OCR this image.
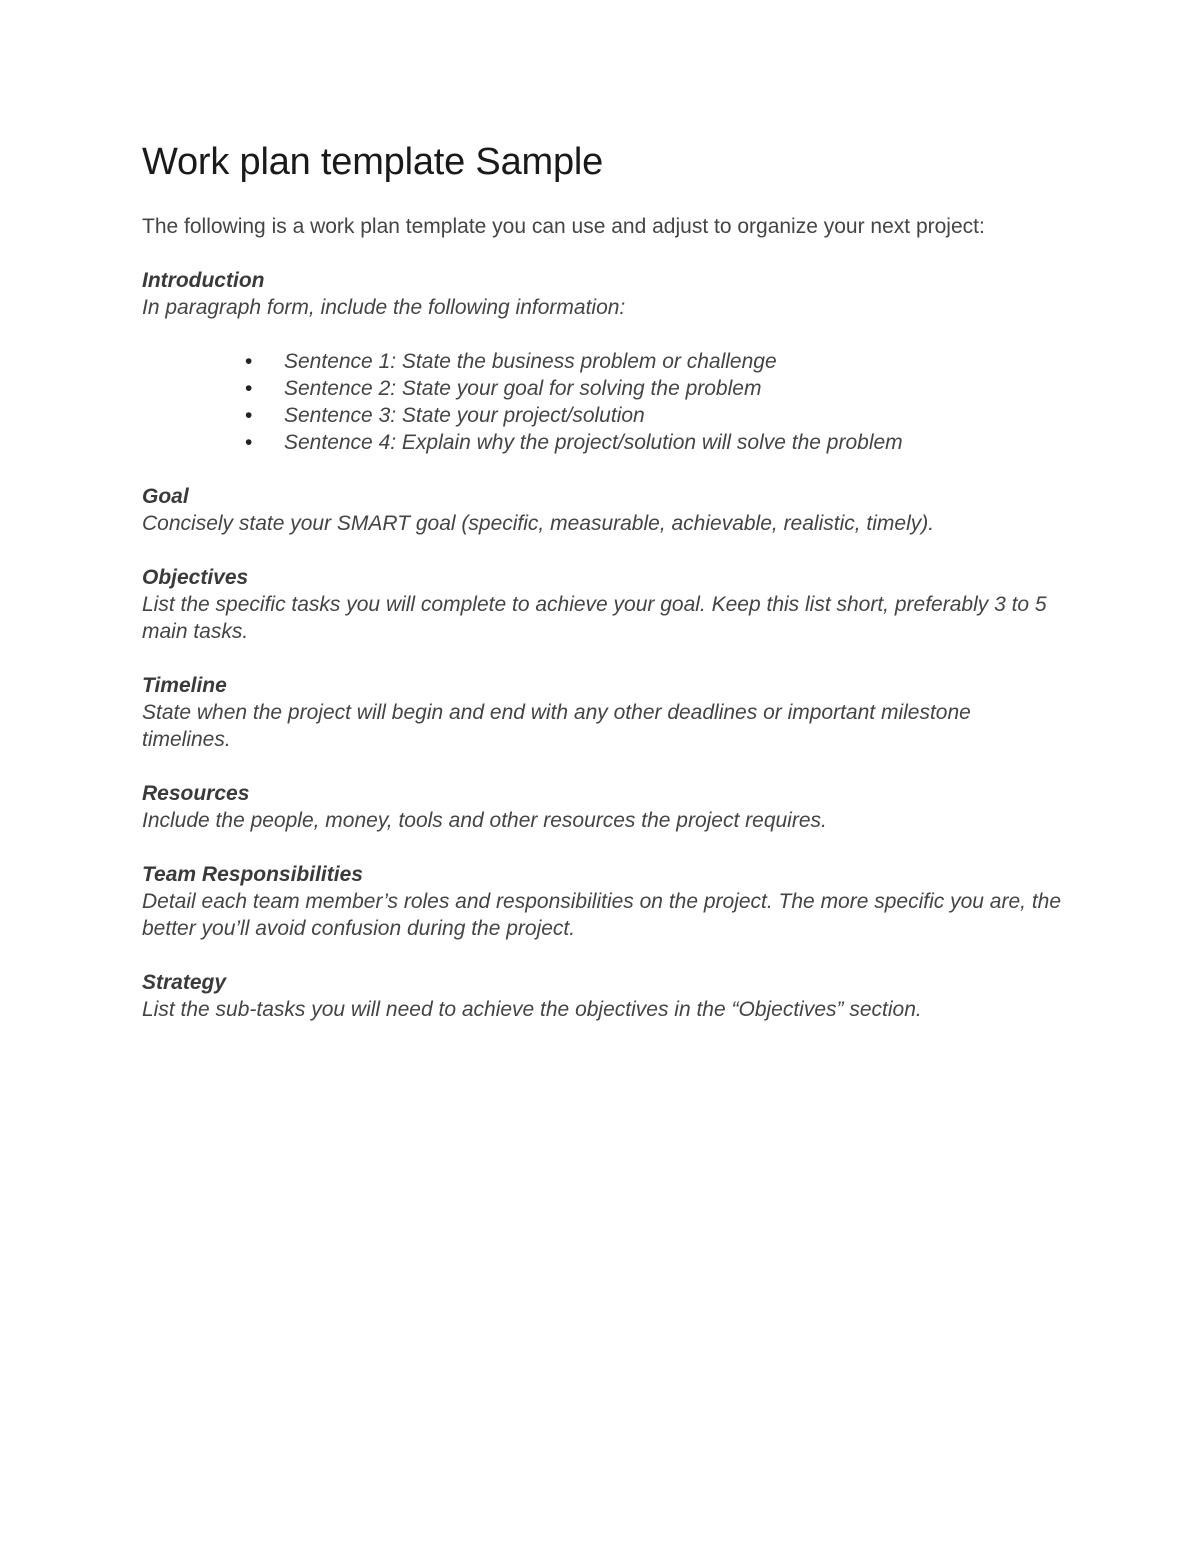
Work plan template Sample

The following is a work plan template you can use and adjust to organize your next project:

Introduction

In paragraph form, include the following information:

• Sentence 1: State the business problem or challenge
• Sentence 2: State your goal for solving the problem
• Sentence 3: State your project/solution
• Sentence 4: Explain why the project/solution will solve the problem

Goal

Concisely state your SMART goal (specific, measurable, achievable, realistic, timely).

Objectives

List the specific tasks you will complete to achieve your goal. Keep this list short, preferably 3 to 5 main tasks.

Timeline

State when the project will begin and end with any other deadlines or important milestone timelines.

Resources

Include the people, money, tools and other resources the project requires.

Team Responsibilities

Detail each team member’s roles and responsibilities on the project. The more specific you are, the better you’ll avoid confusion during the project.

Strategy

List the sub-tasks you will need to achieve the objectives in the “Objectives” section.
